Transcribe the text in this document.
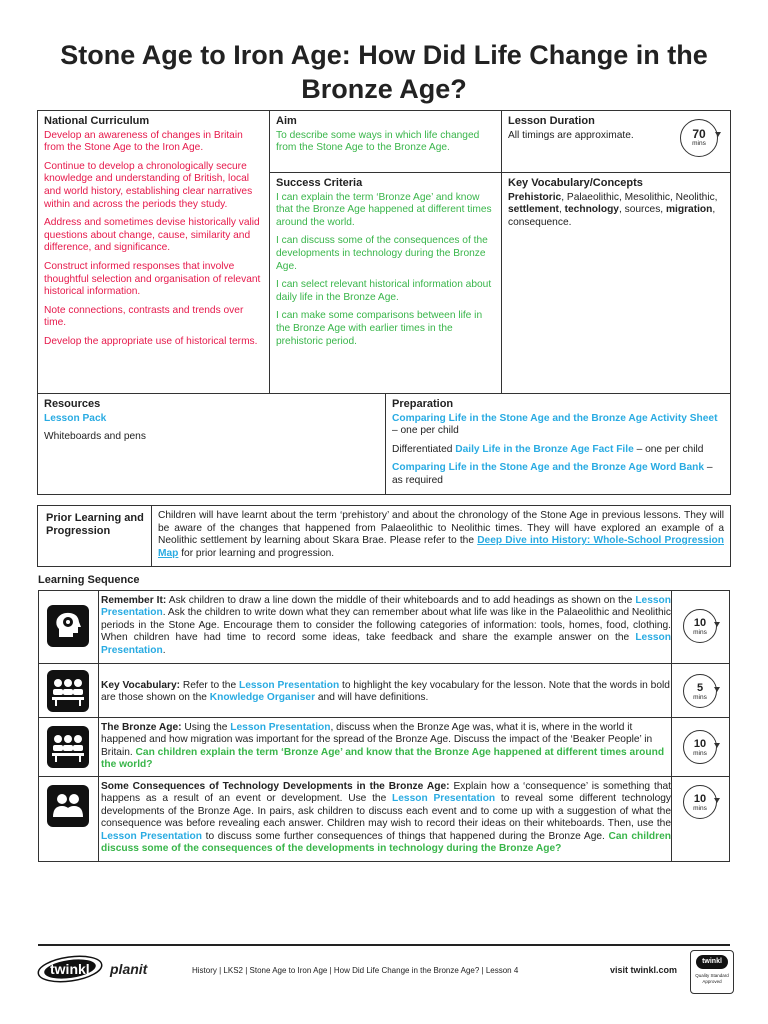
Stone Age to Iron Age: How Did Life Change in the Bronze Age?
National Curriculum
Develop an awareness of changes in Britain from the Stone Age to the Iron Age.
Continue to develop a chronologically secure knowledge and understanding of British, local and world history, establishing clear narratives within and across the periods they study.
Address and sometimes devise historically valid questions about change, cause, similarity and difference, and significance.
Construct informed responses that involve thoughtful selection and organisation of relevant historical information.
Note connections, contrasts and trends over time.
Develop the appropriate use of historical terms.
Aim
To describe some ways in which life changed from the Stone Age to the Bronze Age.
Success Criteria
I can explain the term ‘Bronze Age’ and know that the Bronze Age happened at different times around the world.
I can discuss some of the consequences of the developments in technology during the Bronze Age.
I can select relevant historical information about daily life in the Bronze Age.
I can make some comparisons between life in the Bronze Age with earlier times in the prehistoric period.
Lesson Duration
All timings are approximate.	70
mins
Key Vocabulary/Concepts
Prehistoric, Palaeolithic, Mesolithic, Neolithic, settlement, technology, sources, migration, consequence.
Resources
Lesson Pack
Whiteboards and pens
Preparation
Comparing Life in the Stone Age and the Bronze Age Activity Sheet – one per child
Differentiated Daily Life in the Bronze Age Fact File – one per child
Comparing Life in the Stone Age and the Bronze Age Word Bank – as required
Prior Learning and Progression
Children will have learnt about the term ‘prehistory’ and about the chronology of the Stone Age in previous lessons. They will be aware of the changes that happened from Palaeolithic to Neolithic times. They will have explored an example of a Neolithic settlement by learning about Skara Brae. Please refer to the Deep Dive into History: Whole-School Progression Map for prior learning and progression.
Learning Sequence
Remember It: Ask children to draw a line down the middle of their whiteboards and to add headings as shown on the Lesson Presentation. Ask the children to write down what they can remember about what life was like in the Palaeolithic and Neolithic periods in the Stone Age. Encourage them to consider the following categories of information: tools, homes, food, clothing. When children have had time to record some ideas, take feedback and share the example answer on the Lesson Presentation.
10
mins
Key Vocabulary: Refer to the Lesson Presentation to highlight the key vocabulary for the lesson. Note that the words in bold are those shown on the Knowledge Organiser and will have definitions.
5
mins
The Bronze Age: Using the Lesson Presentation, discuss when the Bronze Age was, what it is, where in the world it happened and how migration was important for the spread of the Bronze Age. Discuss the impact of the ‘Beaker People’ in Britain. Can children explain the term ‘Bronze Age’ and know that the Bronze Age happened at different times around the world?
10
mins
Some Consequences of Technology Developments in the Bronze Age: Explain how a ‘consequence’ is something that happens as a result of an event or development. Use the Lesson Presentation to reveal some different technology developments of the Bronze Age. In pairs, ask children to discuss each event and to come up with a suggestion of what the consequence was before revealing each answer. Children may wish to record their ideas on their whiteboards. Then, use the Lesson Presentation to discuss some further consequences of things that happened during the Bronze Age. Can children discuss some of the consequences of the developments in technology during the Bronze Age?
10
mins
twinkl planit	History | LKS2 | Stone Age to Iron Age | How Did Life Change in the Bronze Age? | Lesson 4	visit twinkl.com
twinkl
Quality Standard Approved
